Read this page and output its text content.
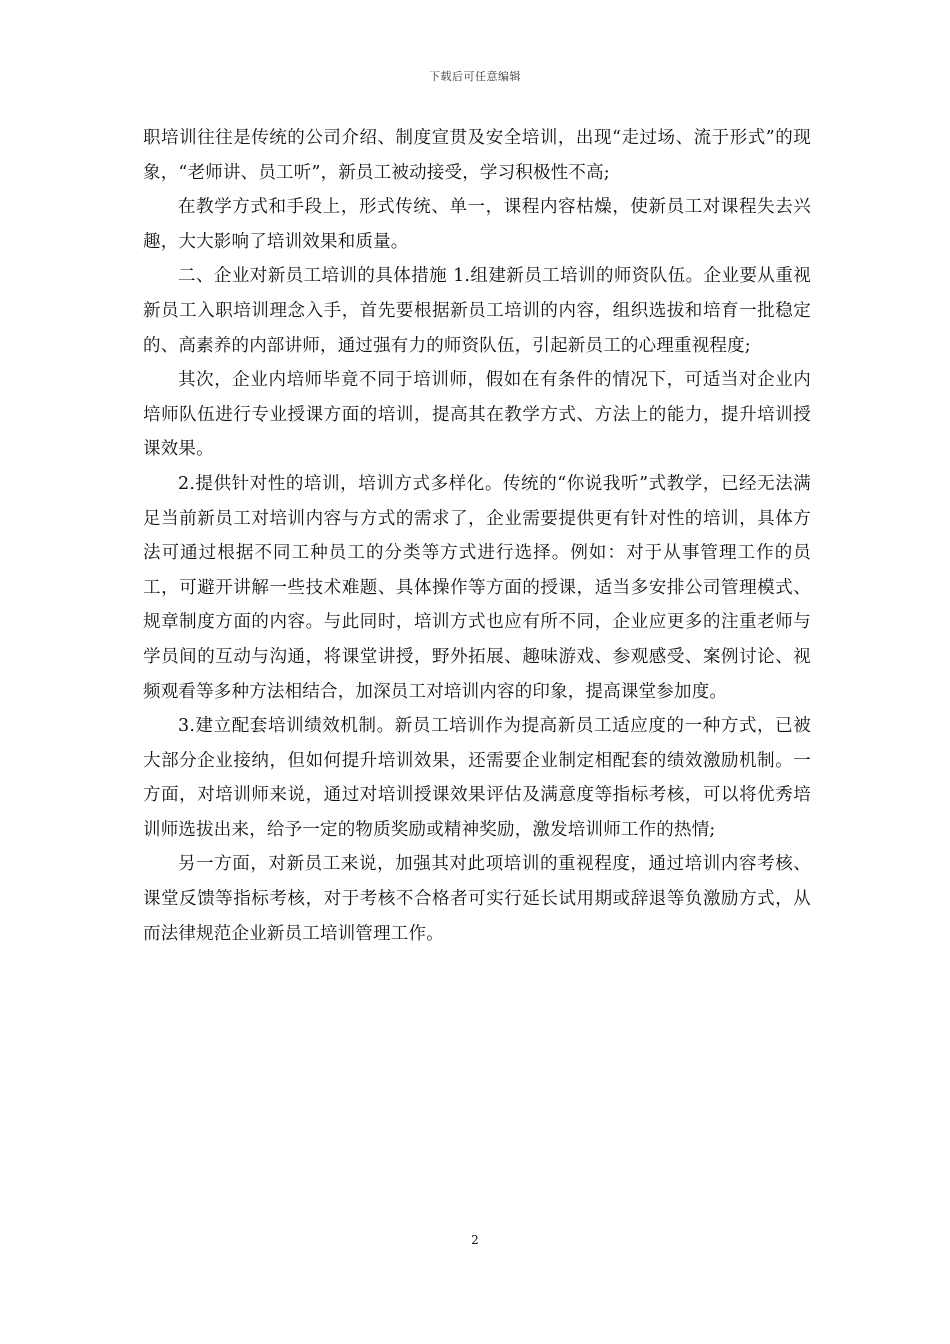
下载后可任意编辑

职培训往往是传统的公司介绍、制度宣贯及安全培训，出现“走过场、流于形式”的现象，“老师讲、员工听”，新员工被动接受，学习积极性不高;

在教学方式和手段上，形式传统、单一，课程内容枯燥，使新员工对课程失去兴趣，大大影响了培训效果和质量。

二、企业对新员工培训的具体措施 1.组建新员工培训的师资队伍。企业要从重视新员工入职培训理念入手，首先要根据新员工培训的内容，组织选拔和培育一批稳定的、高素养的内部讲师，通过强有力的师资队伍，引起新员工的心理重视程度;

其次，企业内培师毕竟不同于培训师，假如在有条件的情况下，可适当对企业内培师队伍进行专业授课方面的培训，提高其在教学方式、方法上的能力，提升培训授课效果。

2.提供针对性的培训，培训方式多样化。传统的“你说我听”式教学，已经无法满足当前新员工对培训内容与方式的需求了，企业需要提供更有针对性的培训，具体方法可通过根据不同工种员工的分类等方式进行选择。例如：对于从事管理工作的员工，可避开讲解一些技术难题、具体操作等方面的授课，适当多安排公司管理模式、规章制度方面的内容。与此同时，培训方式也应有所不同，企业应更多的注重老师与学员间的互动与沟通，将课堂讲授，野外拓展、趣味游戏、参观感受、案例讨论、视频观看等多种方法相结合，加深员工对培训内容的印象，提高课堂参加度。

3.建立配套培训绩效机制。新员工培训作为提高新员工适应度的一种方式，已被大部分企业接纳，但如何提升培训效果，还需要企业制定相配套的绩效激励机制。一方面，对培训师来说，通过对培训授课效果评估及满意度等指标考核，可以将优秀培训师选拔出来，给予一定的物质奖励或精神奖励，激发培训师工作的热情;

另一方面，对新员工来说，加强其对此项培训的重视程度，通过培训内容考核、课堂反馈等指标考核，对于考核不合格者可实行延长试用期或辞退等负激励方式，从而法律规范企业新员工培训管理工作。

2
